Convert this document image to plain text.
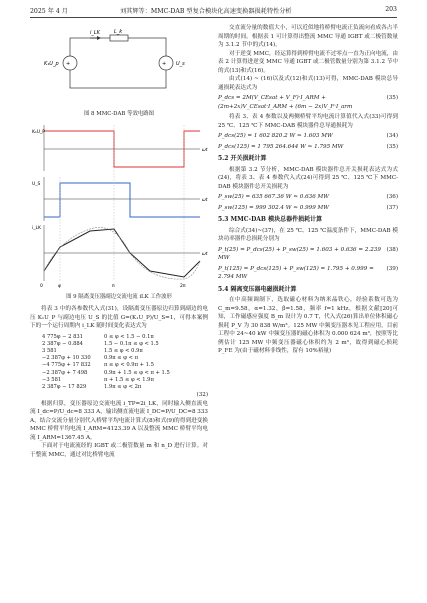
2025 年 4 月	刘其辉等：MMC-DAB 型复合模块化高速变换器损耗特性分析	203
+	+
i_LK	L_k
K₁U_p	U_s
图 8 MMC-DAB 等效电路图
K₁U_P
ωt
U_S
ωt
i_LK
ωt
0	φ	π	2π
图 9 隔离变压器副边交流电流 iLK 工作波形

将表 3 中的各参数代入式(31)，设隔离变压器原边归算到副边的电压 K₁U_P 与副边电压 U_S 的比值 G=(K₁U_P)/U_S=1，可得本案例下的一个运行周期内 i_LK 随时间变化表达式为

4 775φ − 2 831	0 ≤ φ < 1.5 − 0.1π
2 387φ − 0.884	1.5 − 0.1π ≤ φ < 1.5
3 581	1.5 ≤ φ < 0.9π
−2 387φ + 10 330	0.9π ≤ φ < π
−4 775φ + 17 832	π ≤ φ < 0.9π + 1.5
−2 387φ + 7 498	0.9π + 1.5 ≤ φ < π + 1.5
−3 581	π + 1.5 ≤ φ < 1.9π
2 387φ − 17 829	1.9π ≤ φ < 2π
(32)

根据归算，变压器原边交流电流 i_TP=2i_LK，同时输入侧直流电流 I_dc=P/U_dc=8 333 A，输出侧直流电流 I_DC=P/U_DC=8 333 A，结合交流分量分别代入桥臂平均电流计算式(8)和式(9)的得到进变换 MMC 桥臂平均电流 I_ARM=4123.39 A 以及整流 MMC 桥臂平均电流 I_ARM=1367.45 A。

下面对于电流流经的 IGBT 或二极管数量 m 和 n_D 进行计算。对于整流 MMC，通过对比桥臂电流

交直流分量的数值大小，可以近似地将桥臂电流正负流向看成各占半周期的时间。根据表 1 可计算得出整流 MMC 导通 IGBT 或二极管数量为 3.1.2 节中的式(14)。

对于逆变 MMC，经运算得到桥臂电流不过零点一直为正向电流，由表 2 计算得进逆变 MMC 导通 IGBT 或二极管数量分别为第 3.1.2 节中的式(13)和式(16)。

由式(14) ~ (16)以及式(12)和式(13)可得，MMC-DAB 模块总导通损耗表达式为

P_dcs = 2M(V_CEsat + V_F)·I_ARM + (2m+2x)V_CEsat·I_ARM + (6m − 2x)V_F·I_arm
(35)

将表 3、表 4 参数以及两侧桥臂平均电流计算值代入式(33)可得到 25 ℃、125 ℃下 MMC-DAB 模块器件总导通损耗为

P_dcs(25) = 1 602 820.2 W ≈ 1.603 MW	(34)
P_dcs(125) = 1 795 264.644 W ≈ 1.795 MW	(35)
5.2 开关损耗计算

根据第 3.2 节分析，MMC-DAB 模块器件总开关损耗表达式为式(24)，将表 3、表 4 参数代入式(24)可得到 25 ℃、125 ℃下 MMC-DAB 模块器件总开关损耗为

P_sw(25) = 635 667.36 W ≈ 0.636 MW	(36)
P_sw(125) = 999 302.4 W ≈ 0.999 MW	(37)
5.3 MMC-DAB 模块总器件损耗计算

综合式(34)~(37)，在 25 ℃、125 ℃温度条件下，MMC-DAB 模块功率器件总损耗分别为

P_t(25) = P_dcs(25) + P_sw(25) = 1.603 + 0.636 = 2.239 MW
(38)
P_t(125) = P_dcs(125) + P_sw(125) = 1.795 + 0.999 = 2.794 MW
(39)
5.4 隔离变压器电磁损耗计算

在中高频调制下，选取磁心材料为纳米晶铁心，经验系数可选为 C_m=9.58，α=1.32，β=1.58，频率 f=1 kHz，根据文献[20]可知，工作磁感应强度 B_m 设计为 0.7 T，代入式(26)算出单位体积磁心损耗 P_V 为 30 838 W/m³。125 MW 中频变压器本见工程应用，目前工程中 24~40 kW 中频变压器的磁心体积为 0.000 624 m³，按照等比例估计 125 MW 中频变压器磁心体积约为 2 m³，故得到磁心损耗 P_FE 为(由于磁材料非线性，留有 10%裕量)
